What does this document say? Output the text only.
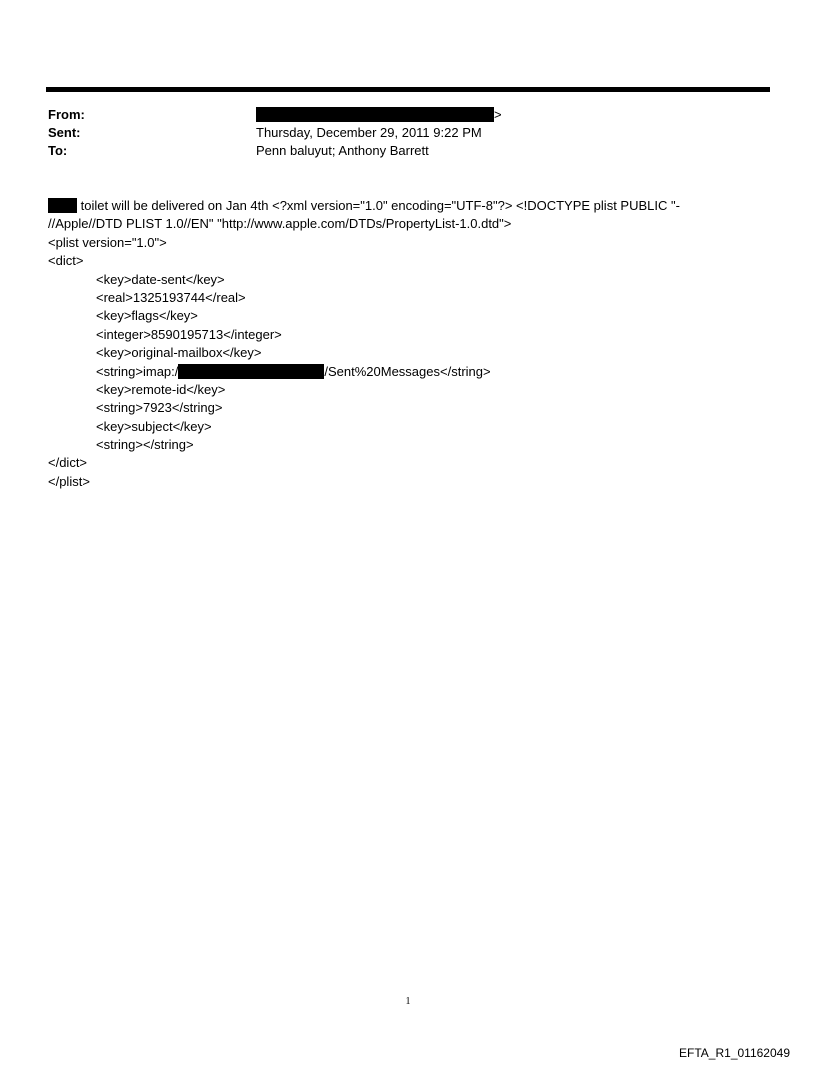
From:	>
Sent:	Thursday, December 29, 2011 9:22 PM
To:	Penn baluyut; Anthony Barrett
toilet will be delivered on Jan 4th <?xml version="1.0" encoding="UTF-8"?> <!DOCTYPE plist PUBLIC "-
//Apple//DTD PLIST 1.0//EN" "http://www.apple.com/DTDs/PropertyList-1.0.dtd">
<plist version="1.0">
<dict>
<key>date-sent</key>
<real>1325193744</real>
<key>flags</key>
<integer>8590195713</integer>
<key>original-mailbox</key>
<string>imap:/	/Sent%20Messages</string>
<key>remote-id</key>
<string>7923</string>
<key>subject</key>
<string></string>
</dict>
</plist>
1
EFTA_R1_01162049
